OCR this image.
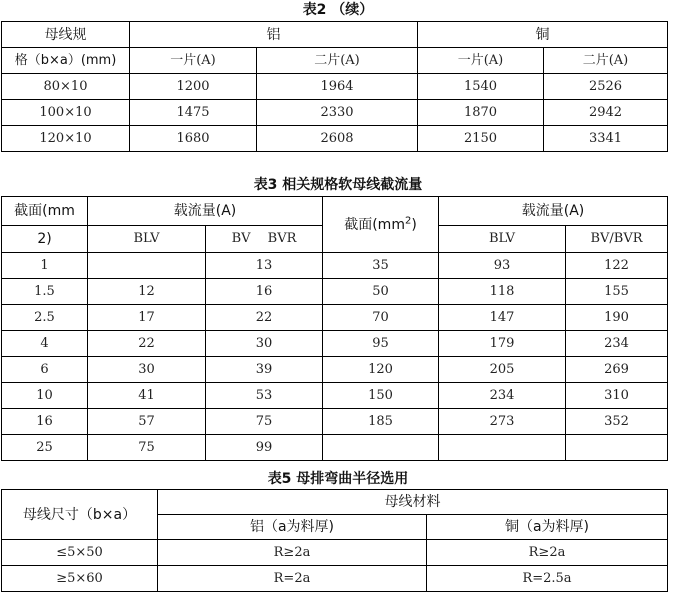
表2 （续）
母线规	铝		铜	
格（b×a）(mm)	一片(A)	二片(A)	一片(A)	二片(A)
80×10	1200	1964	1540	2526
100×10	1475	2330	1870	2942
120×10	1680	2608	2150	3341
表3 相关规格软母线截流量
截面(mm	载流量(A)		截面$(mm^2)$	载流量(A)	
2)	BLV	BV　 BVR		BLV	BV/BVR
1		13	35	93	122
1.5	12	16	50	118	155
2.5	17	22	70	147	190
4	22	30	95	179	234
6	30	39	120	205	269
10	41	53	150	234	310
16	57	75	185	273	352
25	75	99			
表5 母排弯曲半径选用
母线尺寸（b×a）	母线材料	
	铝（a为料厚)	铜（a为料厚)
≤5×50	R≥2a	R≥2a
≥5×60	R=2a	R=2.5a
